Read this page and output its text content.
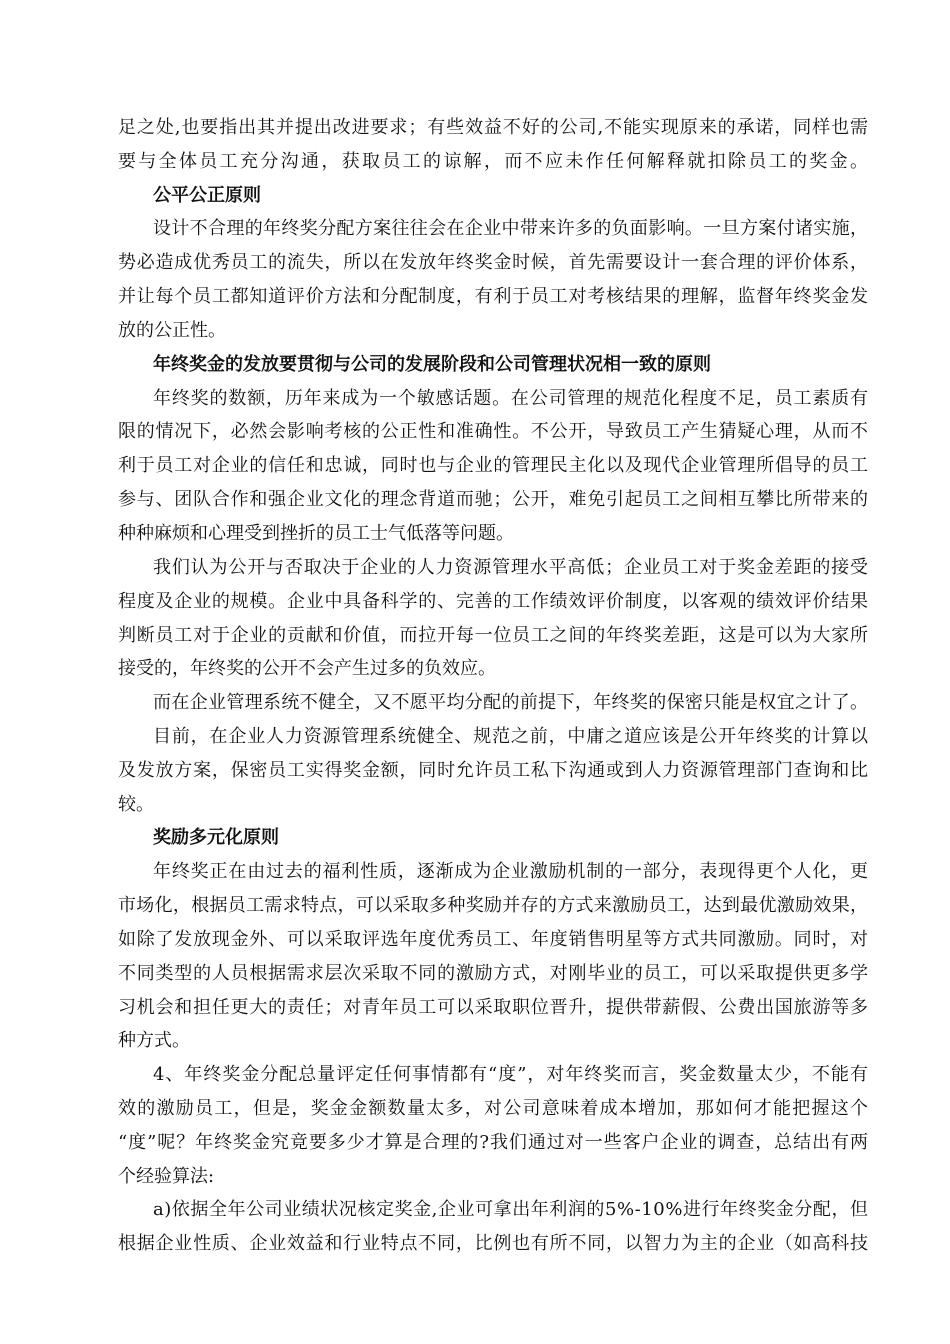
足之处,也要指出其并提出改进要求；有些效益不好的公司,不能实现原来的承诺，同样也需
要与全体员工充分沟通，获取员工的谅解，而不应未作任何解释就扣除员工的奖金。
公平公正原则
设计不合理的年终奖分配方案往往会在企业中带来许多的负面影响。一旦方案付诸实施，
势必造成优秀员工的流失，所以在发放年终奖金时候，首先需要设计一套合理的评价体系，
并让每个员工都知道评价方法和分配制度，有利于员工对考核结果的理解，监督年终奖金发
放的公正性。
年终奖金的发放要贯彻与公司的发展阶段和公司管理状况相一致的原则
年终奖的数额，历年来成为一个敏感话题。在公司管理的规范化程度不足，员工素质有
限的情况下，必然会影响考核的公正性和准确性。不公开，导致员工产生猜疑心理，从而不
利于员工对企业的信任和忠诚，同时也与企业的管理民主化以及现代企业管理所倡导的员工
参与、团队合作和强企业文化的理念背道而驰；公开，难免引起员工之间相互攀比所带来的
种种麻烦和心理受到挫折的员工士气低落等问题。
我们认为公开与否取决于企业的人力资源管理水平高低；企业员工对于奖金差距的接受
程度及企业的规模。企业中具备科学的、完善的工作绩效评价制度，以客观的绩效评价结果
判断员工对于企业的贡献和价值，而拉开每一位员工之间的年终奖差距，这是可以为大家所
接受的，年终奖的公开不会产生过多的负效应。
而在企业管理系统不健全，又不愿平均分配的前提下，年终奖的保密只能是权宜之计了。
目前，在企业人力资源管理系统健全、规范之前，中庸之道应该是公开年终奖的计算以
及发放方案，保密员工实得奖金额，同时允许员工私下沟通或到人力资源管理部门查询和比
较。
奖励多元化原则
年终奖正在由过去的福利性质，逐渐成为企业激励机制的一部分，表现得更个人化，更
市场化，根据员工需求特点，可以采取多种奖励并存的方式来激励员工，达到最优激励效果，
如除了发放现金外、可以采取评选年度优秀员工、年度销售明星等方式共同激励。同时，对
不同类型的人员根据需求层次采取不同的激励方式，对刚毕业的员工，可以采取提供更多学
习机会和担任更大的责任；对青年员工可以采取职位晋升，提供带薪假、公费出国旅游等多
种方式。
4、年终奖金分配总量评定任何事情都有“度”，对年终奖而言，奖金数量太少，不能有
效的激励员工，但是，奖金金额数量太多，对公司意味着成本增加，那如何才能把握这个
“度”呢？年终奖金究竟要多少才算是合理的?我们通过对一些客户企业的调查，总结出有两
个经验算法:
a)依据全年公司业绩状况核定奖金,企业可拿出年利润的5%-10%进行年终奖金分配，但
根据企业性质、企业效益和行业特点不同，比例也有所不同，以智力为主的企业（如高科技
